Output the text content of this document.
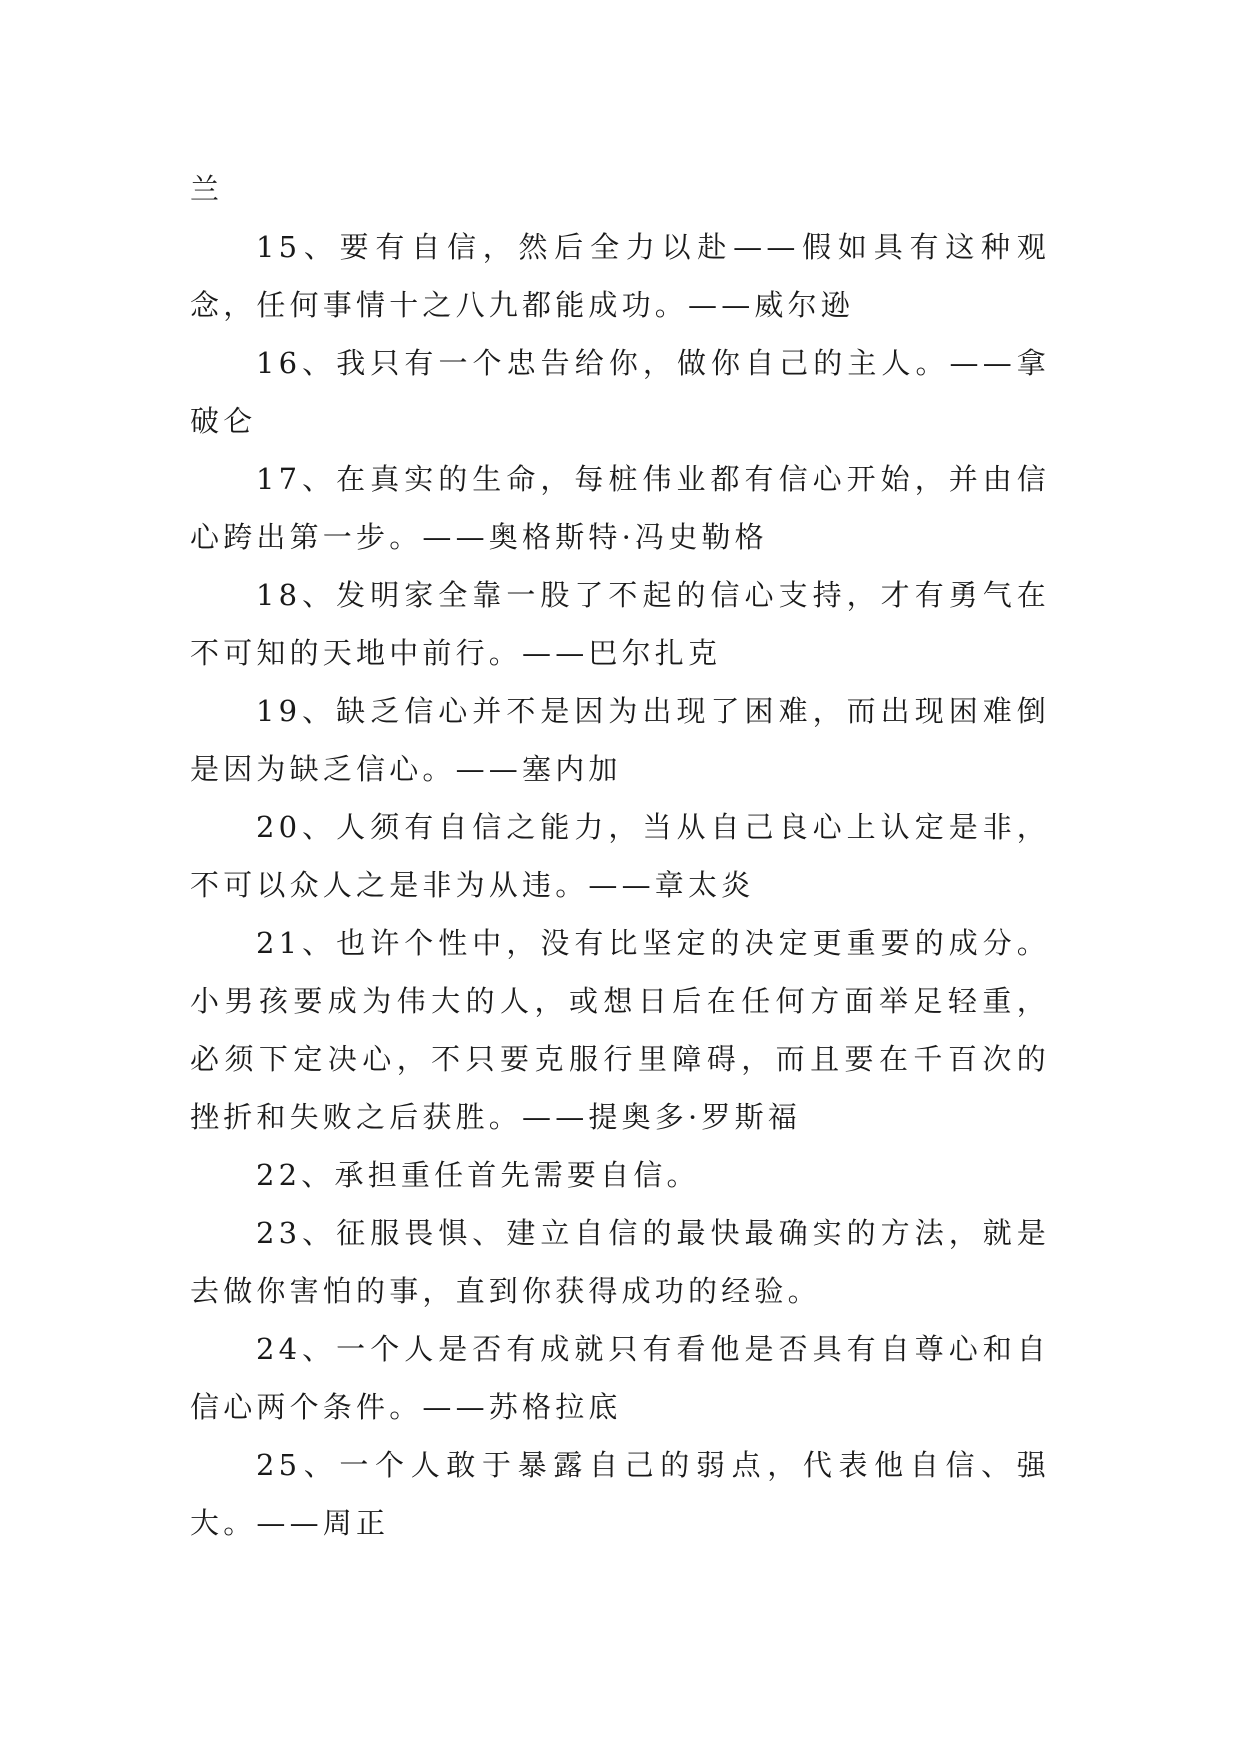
兰

15、要有自信，然后全力以赴——假如具有这种观念，任何事情十之八九都能成功。——威尔逊

16、我只有一个忠告给你，做你自己的主人。——拿破仑

17、在真实的生命，每桩伟业都有信心开始，并由信心跨出第一步。——奥格斯特·冯史勒格

18、发明家全靠一股了不起的信心支持，才有勇气在不可知的天地中前行。——巴尔扎克

19、缺乏信心并不是因为出现了困难，而出现困难倒是因为缺乏信心。——塞内加

20、人须有自信之能力，当从自己良心上认定是非，不可以众人之是非为从违。——章太炎

21、也许个性中，没有比坚定的决定更重要的成分。小男孩要成为伟大的人，或想日后在任何方面举足轻重，必须下定决心，不只要克服行里障碍，而且要在千百次的挫折和失败之后获胜。——提奥多·罗斯福

22、承担重任首先需要自信。

23、征服畏惧、建立自信的最快最确实的方法，就是去做你害怕的事，直到你获得成功的经验。

24、一个人是否有成就只有看他是否具有自尊心和自信心两个条件。——苏格拉底

25、一个人敢于暴露自己的弱点，代表他自信、强大。——周正
